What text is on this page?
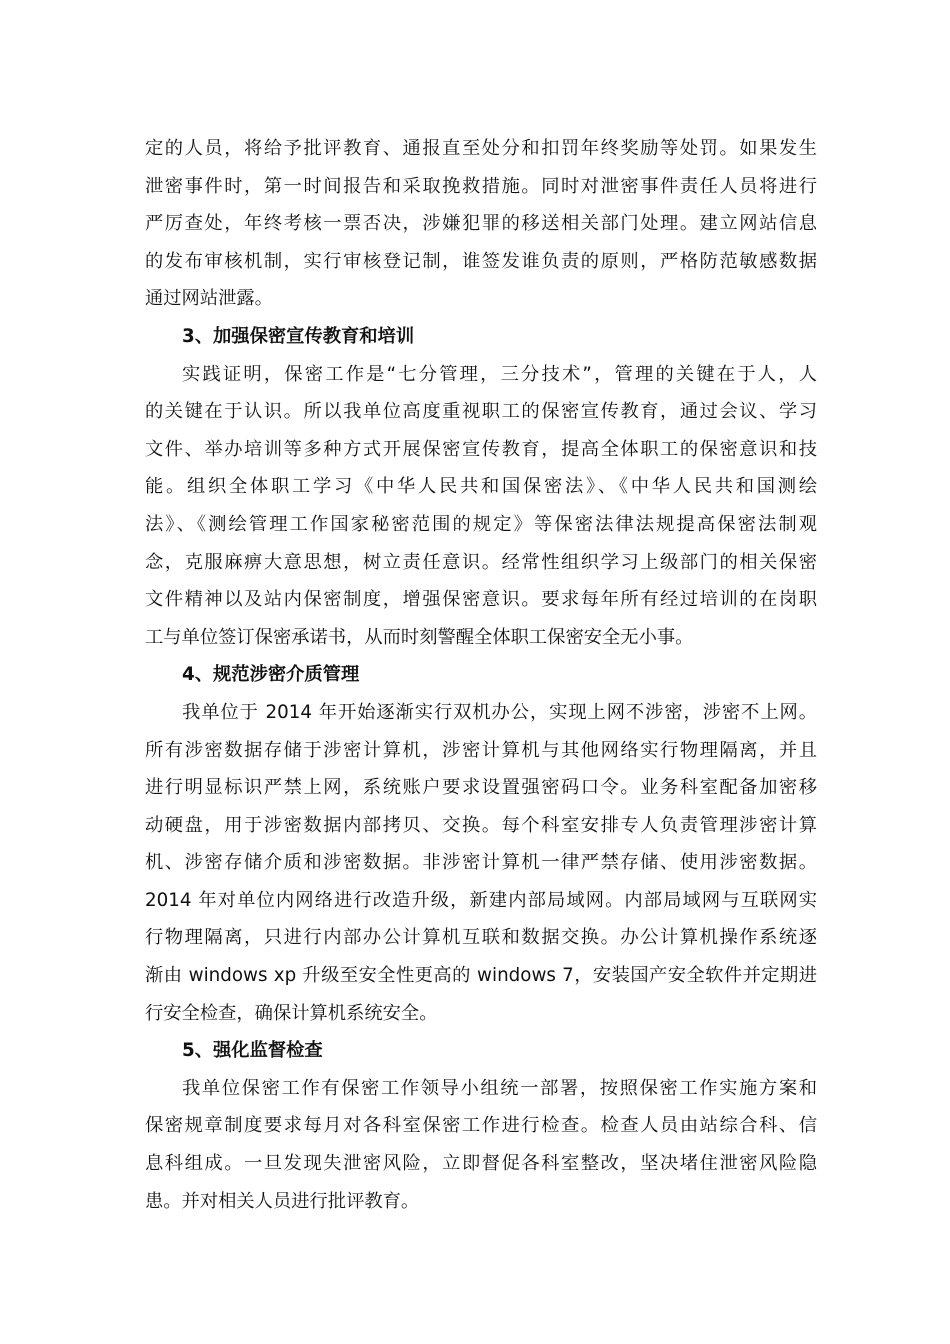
定的人员，将给予批评教育、通报直至处分和扣罚年终奖励等处罚。如果发生
泄密事件时，第一时间报告和采取挽救措施。同时对泄密事件责任人员将进行
严厉查处，年终考核一票否决，涉嫌犯罪的移送相关部门处理。建立网站信息
的发布审核机制，实行审核登记制，谁签发谁负责的原则，严格防范敏感数据
通过网站泄露。
3、加强保密宣传教育和培训
实践证明，保密工作是“七分管理，三分技术”，管理的关键在于人，人
的关键在于认识。所以我单位高度重视职工的保密宣传教育，通过会议、学习
文件、举办培训等多种方式开展保密宣传教育，提高全体职工的保密意识和技
能。组织全体职工学习《中华人民共和国保密法》、《中华人民共和国测绘
法》、《测绘管理工作国家秘密范围的规定》等保密法律法规提高保密法制观
念，克服麻痹大意思想，树立责任意识。经常性组织学习上级部门的相关保密
文件精神以及站内保密制度，增强保密意识。要求每年所有经过培训的在岗职
工与单位签订保密承诺书，从而时刻警醒全体职工保密安全无小事。
4、规范涉密介质管理
我单位于 2014 年开始逐渐实行双机办公，实现上网不涉密，涉密不上网。
所有涉密数据存储于涉密计算机，涉密计算机与其他网络实行物理隔离，并且
进行明显标识严禁上网，系统账户要求设置强密码口令。业务科室配备加密移
动硬盘，用于涉密数据内部拷贝、交换。每个科室安排专人负责管理涉密计算
机、涉密存储介质和涉密数据。非涉密计算机一律严禁存储、使用涉密数据。
2014 年对单位内网络进行改造升级，新建内部局域网。内部局域网与互联网实
行物理隔离，只进行内部办公计算机互联和数据交换。办公计算机操作系统逐
渐由 windows xp 升级至安全性更高的 windows 7，安装国产安全软件并定期进
行安全检查，确保计算机系统安全。
5、强化监督检查
我单位保密工作有保密工作领导小组统一部署，按照保密工作实施方案和
保密规章制度要求每月对各科室保密工作进行检查。检查人员由站综合科、信
息科组成。一旦发现失泄密风险，立即督促各科室整改，坚决堵住泄密风险隐
患。并对相关人员进行批评教育。
